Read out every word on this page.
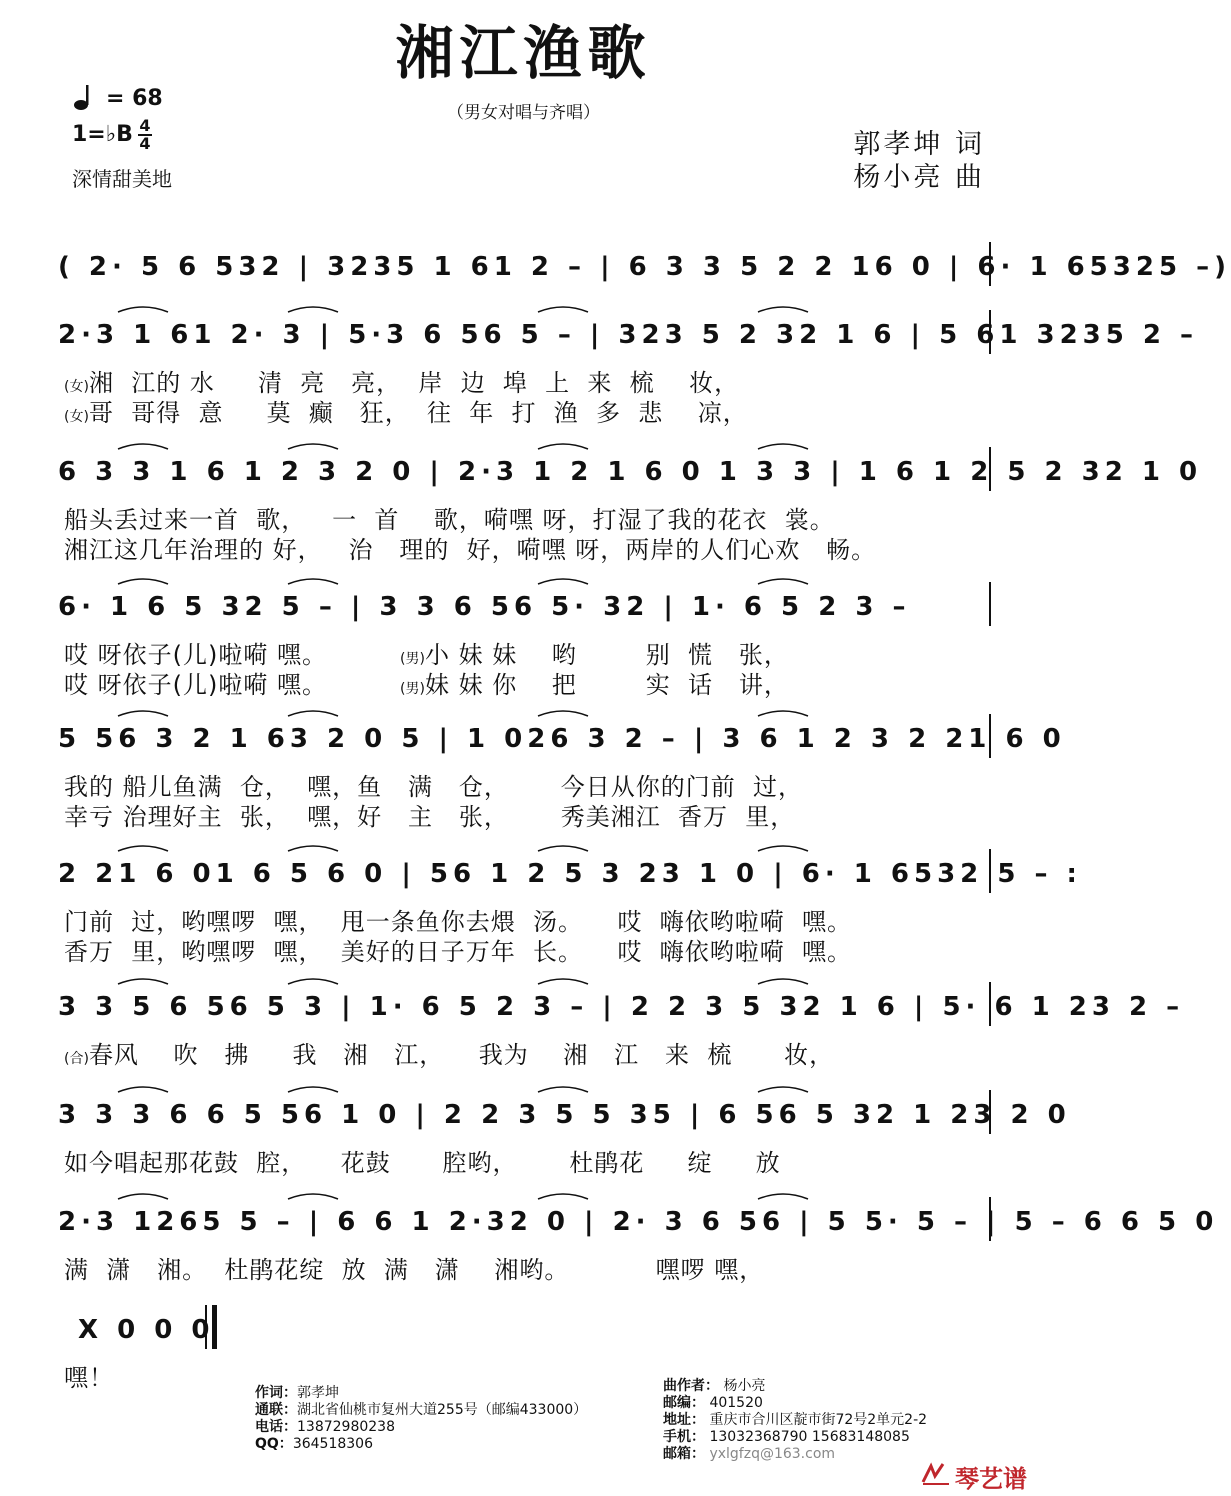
湘江渔歌
（男女对唱与齐唱）
= 68
1=♭B 4
4
深情甜美地
郭孝坤 词
杨小亮 曲
( 2· 5 6 532 | 3235 1 61 2 – | 6 3 3 5 2 2 16 0 | 6· 1 65325 –)
2·3 1 61 2· 3 | 5·3 6 56 5 – | 323 5 2 32 1 6 | 5 61 3235 2 –
(女)湘  江的 水     清  亮   亮，  岸  边  埠  上  来  梳    妆，
(女)哥  哥得  意     莫  癫   狂，  往  年  打  渔  多  悲    凉，
6 3 3 1 6 1 2 3 2 0 | 2·3 1 2 1 6 0 1 3 3 | 1 6 1 2 5 2 32 1 0
船头丢过来一首  歌，   一  首    歌，嗬嘿 呀，打湿了我的花衣  裳。
湘江这几年治理的 好，   治   理的  好，嗬嘿 呀，两岸的人们心欢   畅。
6· 1 6 5 32 5 – | 3 3 6 56 5· 32 | 1· 6 5 2 3 –
哎 呀依子(儿)啦嗬 嘿。
哎 呀依子(儿)啦嗬 嘿。
(男)小 妹 妹    哟        别  慌   张，
(男)妹 妹 你    把        实  话   讲，
5 56 3 2 1 63 2 0 5 | 1 026 3 2 – | 3 6 1 2 3 2 21 6 0
我的 船儿鱼满  仓，  嘿，鱼   满   仓，      今日从你的门前  过，
幸亏 治理好主  张，  嘿，好   主   张，      秀美湘江  香万  里，
2 21 6 01 6 5 6 0 | 56 1 2 5 3 23 1 0 | 6· 1 6532 5 – :
门前  过，哟嘿啰  嘿，  甩一条鱼你去煨  汤。    哎  嗨依哟啦嗬  嘿。
香万  里，哟嘿啰  嘿，  美好的日子万年  长。    哎  嗨依哟啦嗬  嘿。
3 3 5 6 56 5 3 | 1· 6 5 2 3 – | 2 2 3 5 32 1 6 | 5· 6 1 23 2 –
(合)春风    吹   拂     我   湘   江，    我为    湘   江   来  梳      妆，
3 3 3 6 6 5 56 1 0 | 2 2 3 5 5 35 | 6 56 5 32 1 23 2 0
如今唱起那花鼓  腔，    花鼓      腔哟，      杜鹃花     绽     放
2·3 1265 5 – | 6 6 1 2·32 0 | 2· 3 6 56 | 5 5· 5 – | 5 – 6 6 5 0
满  潇   湘。  杜鹃花绽  放  满   潇    湘哟。          嘿啰 嘿，
X 0 0 0
嘿！
作词：郭孝坤
通联：湖北省仙桃市复州大道255号（邮编433000）
电话：13872980238
QQ：364518306
曲作者： 杨小亮
邮编： 401520
地址： 重庆市合川区靛市街72号2单元2-2
手机： 13032368790 15683148085
邮箱： yxlgfzq@163.com
琴艺谱
